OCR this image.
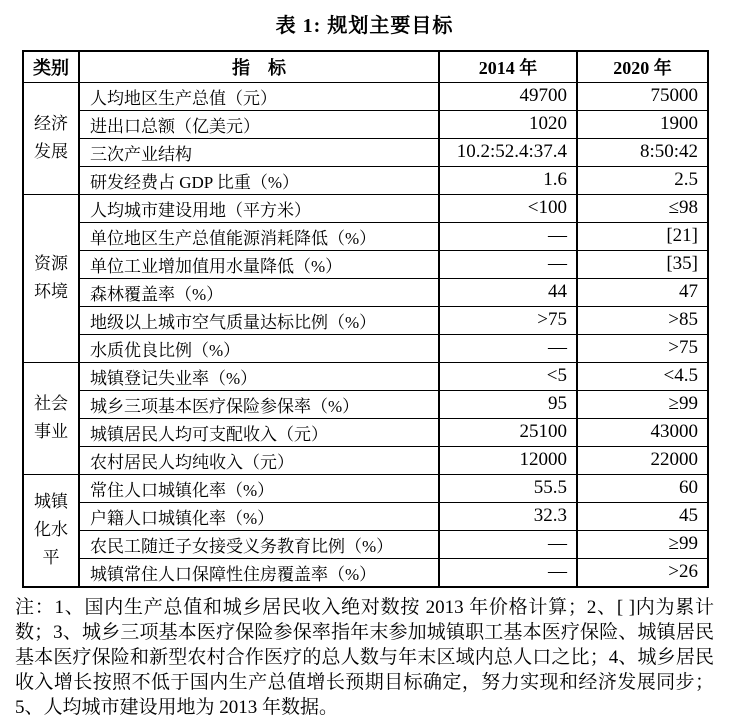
表 1: 规划主要目标
类别	指　标	2014 年	2020 年
经济发展	人均地区生产总值（元）	49700	75000
	进出口总额（亿美元）	1020	1900
	三次产业结构	10.2:52.4:37.4	8:50:42
	研发经费占 GDP 比重（%）	1.6	2.5
资源环境	人均城市建设用地（平方米）	<100	≤98
	单位地区生产总值能源消耗降低（%）	—	[21]
	单位工业增加值用水量降低（%）	—	[35]
	森林覆盖率（%）	44	47
	地级以上城市空气质量达标比例（%）	>75	>85
	水质优良比例（%）	—	>75
社会事业	城镇登记失业率（%）	<5	<4.5
	城乡三项基本医疗保险参保率（%）	95	≥99
	城镇居民人均可支配收入（元）	25100	43000
	农村居民人均纯收入（元）	12000	22000
城镇化水平	常住人口城镇化率（%）	55.5	60
	户籍人口城镇化率（%）	32.3	45
	农民工随迁子女接受义务教育比例（%）	—	≥99
	城镇常住人口保障性住房覆盖率（%）	—	>26
注：1、国内生产总值和城乡居民收入绝对数按 2013 年价格计算；2、[ ]内为累计数；3、城乡三项基本医疗保险参保率指年末参加城镇职工基本医疗保险、城镇居民基本医疗保险和新型农村合作医疗的总人数与年末区域内总人口之比；4、城乡居民收入增长按照不低于国内生产总值增长预期目标确定，努力实现和经济发展同步；5、人均城市建设用地为 2013 年数据。
